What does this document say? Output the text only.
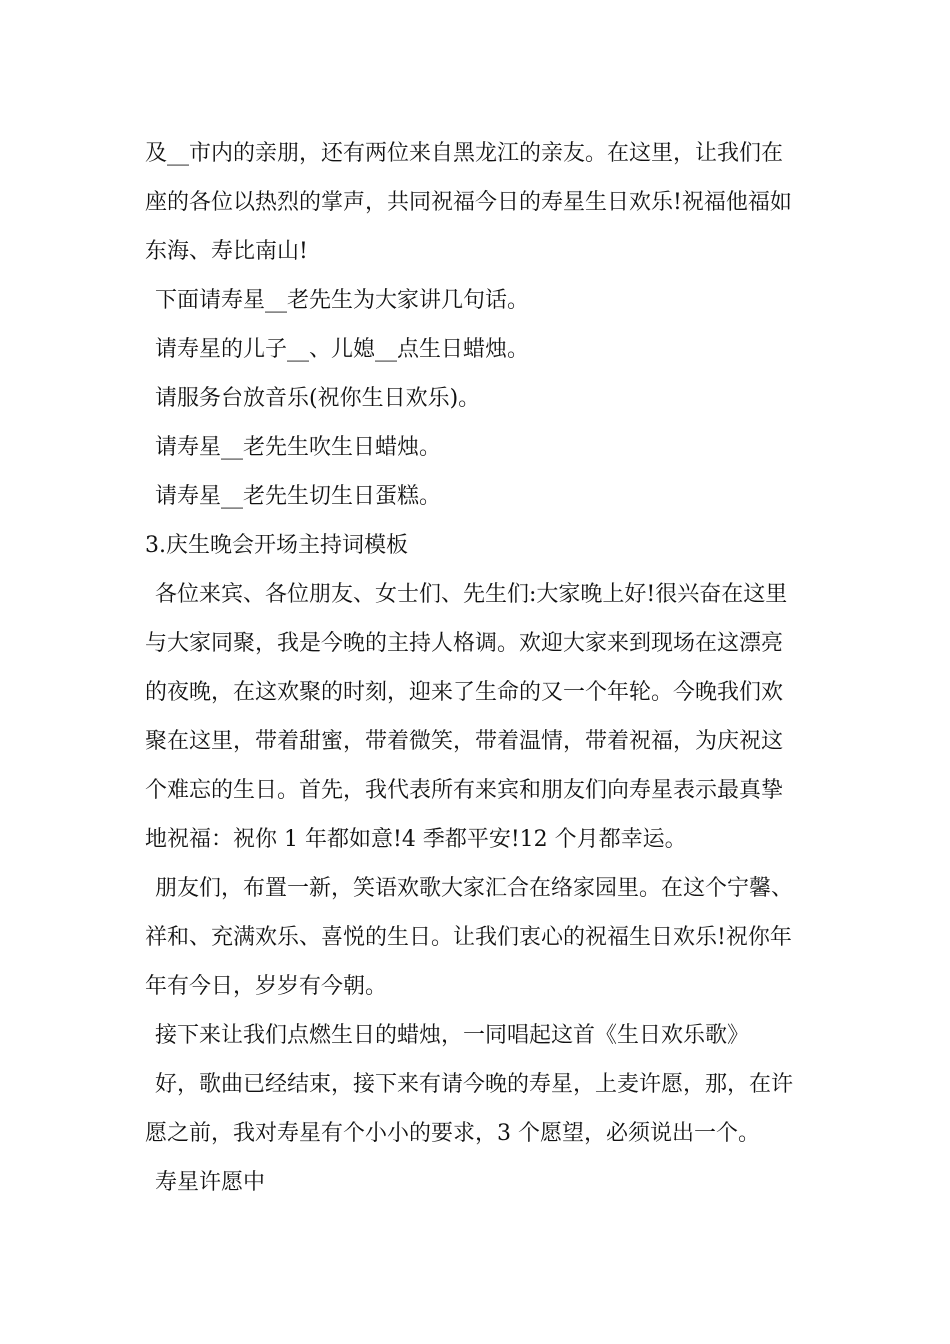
及__市内的亲朋，还有两位来自黑龙江的亲友。在这里，让我们在
座的各位以热烈的掌声，共同祝福今日的寿星生日欢乐!祝福他福如
东海、寿比南山!
下面请寿星__老先生为大家讲几句话。
请寿星的儿子__、儿媳__点生日蜡烛。
请服务台放音乐(祝你生日欢乐)。
请寿星__老先生吹生日蜡烛。
请寿星__老先生切生日蛋糕。
3.庆生晚会开场主持词模板
各位来宾、各位朋友、女士们、先生们:大家晚上好!很兴奋在这里
与大家同聚，我是今晚的主持人格调。欢迎大家来到现场在这漂亮
的夜晚，在这欢聚的时刻，迎来了生命的又一个年轮。今晚我们欢
聚在这里，带着甜蜜，带着微笑，带着温情，带着祝福，为庆祝这
个难忘的生日。首先，我代表所有来宾和朋友们向寿星表示最真挚
地祝福：祝你 1 年都如意!4 季都平安!12 个月都幸运。
朋友们，布置一新，笑语欢歌大家汇合在络家园里。在这个宁馨、
祥和、充满欢乐、喜悦的生日。让我们衷心的祝福生日欢乐!祝你年
年有今日，岁岁有今朝。
接下来让我们点燃生日的蜡烛，一同唱起这首《生日欢乐歌》
好，歌曲已经结束，接下来有请今晚的寿星，上麦许愿，那，在许
愿之前，我对寿星有个小小的要求，3 个愿望，必须说出一个。
寿星许愿中
